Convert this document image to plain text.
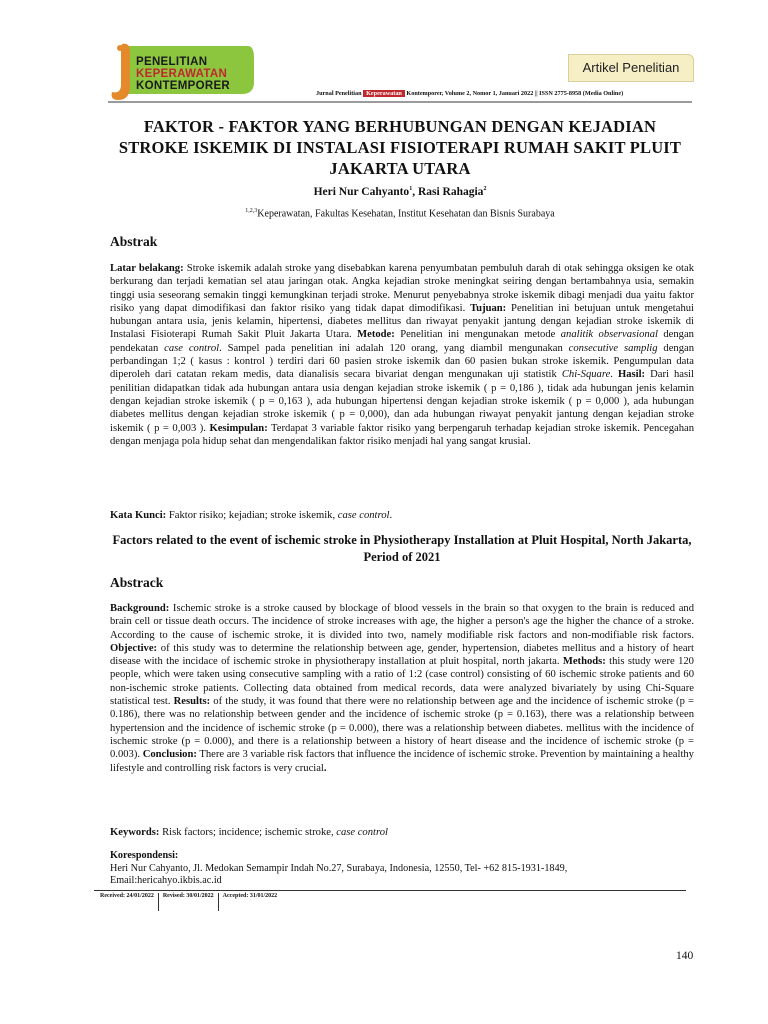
PENELITIAN
KEPERAWATAN
KONTEMPORER
Artikel Penelitian
Jurnal Penelitian Keperawatan Kontemporer, Volume 2, Nomor 1, Januari 2022 || ISSN 2775-8958 (Media Online)
FAKTOR - FAKTOR YANG BERHUBUNGAN DENGAN KEJADIAN STROKE ISKEMIK DI INSTALASI FISIOTERAPI RUMAH SAKIT PLUIT JAKARTA UTARA
Heri Nur Cahyanto$^1$, Rasi Rahagia$^2$
$^{1,2,3}$Keperawatan, Fakultas Kesehatan, Institut Kesehatan dan Bisnis Surabaya
Abstrak

Latar belakang: Stroke iskemik adalah stroke yang disebabkan karena penyumbatan pembuluh darah di otak sehingga oksigen ke otak berkurang dan terjadi kematian sel atau jaringan otak. Angka kejadian stroke meningkat seiring dengan bertambahnya usia, semakin tinggi usia seseorang semakin tinggi kemungkinan terjadi stroke. Menurut penyebabnya stroke iskemik dibagi menjadi dua yaitu faktor risiko yang dapat dimodifikasi dan faktor risiko yang tidak dapat dimodifikasi. Tujuan: Penelitian ini betujuan untuk mengetahui hubungan antara usia, jenis kelamin, hipertensi, diabetes mellitus dan riwayat penyakit jantung dengan kejadian stroke iskemik di Instalasi Fisioterapi Rumah Sakit Pluit Jakarta Utara. Metode: Penelitian ini mengunakan metode analitik observasional dengan pendekatan case control. Sampel pada penelitian ini adalah 120 orang, yang diambil mengunakan consecutive samplig dengan perbandingan 1;2 ( kasus : kontrol ) terdiri dari 60 pasien stroke iskemik dan 60 pasien bukan stroke iskemik. Pengumpulan data diperoleh dari catatan rekam medis, data dianalisis secara bivariat dengan mengunakan uji statistik Chi-Square. Hasil: Dari hasil penilitian didapatkan tidak ada hubungan antara usia dengan kejadian stroke iskemik ( p = 0,186 ), tidak ada hubungan jenis kelamin dengan kejadian stroke iskemik ( p = 0,163 ), ada hubungan hipertensi dengan kejadian stroke iskemik ( p = 0,000 ), ada hubungan diabetes mellitus dengan kejadian stroke iskemik ( p = 0,000), dan ada hubungan riwayat penyakit jantung dengan kejadian stroke iskemik ( p = 0,003 ). Kesimpulan: Terdapat 3 variable faktor risiko yang berpengaruh terhadap kejadian stroke iskemik. Pencegahan dengan menjaga pola hidup sehat dan mengendalikan faktor risiko menjadi hal yang sangat krusial.

Kata Kunci: Faktor risiko; kejadian; stroke iskemik, case control.

Factors related to the event of ischemic stroke in Physiotherapy Installation at Pluit Hospital, North Jakarta, Period of 2021
Abstrack

Background: Ischemic stroke is a stroke caused by blockage of blood vessels in the brain so that oxygen to the brain is reduced and brain cell or tissue death occurs. The incidence of stroke increases with age, the higher a person's age the higher the chance of a stroke. According to the cause of ischemic stroke, it is divided into two, namely modifiable risk factors and non-modifiable risk factors. Objective: of this study was to determine the relationship between age, gender, hypertension, diabetes mellitus and a history of heart disease with the incidace of ischemic stroke in physiotherapy installation at pluit hospital, north jakarta. Methods: this study were 120 people, which were taken using consecutive sampling with a ratio of 1:2 (case control) consisting of 60 ischemic stroke patients and 60 non-ischemic stroke patients. Collecting data obtained from medical records, data were analyzed bivariately by using Chi-Square statistical test. Results: of the study, it was found that there were no relationship between age and the incidence of ischemic stroke (p = 0.186), there was no relationship between gender and the incidence of ischemic stroke (p = 0.163), there was a relationship between hypertension and the incidence of ischemic stroke (p = 0.000), there was a relationship between diabetes. mellitus with the incidence of ischemic stroke (p = 0.000), and there is a relationship between a history of heart disease and the incidence of ischemic stroke (p = 0.003). Conclusion: There are 3 variable risk factors that influence the incidence of ischemic stroke. Prevention by maintaining a healthy lifestyle and controlling risk factors is very crucial.

Keywords: Risk factors; incidence; ischemic stroke, case control

Korespondensi:
Heri Nur Cahyanto, Jl. Medokan Semampir Indah No.27, Surabaya, Indonesia, 12550, Tel- +62 815-1931-1849,
Email:hericahyo.ikbis.ac.id
Received: 24/01/2022 Revised: 30/01/2022 Accepted: 31/01/2022
140
